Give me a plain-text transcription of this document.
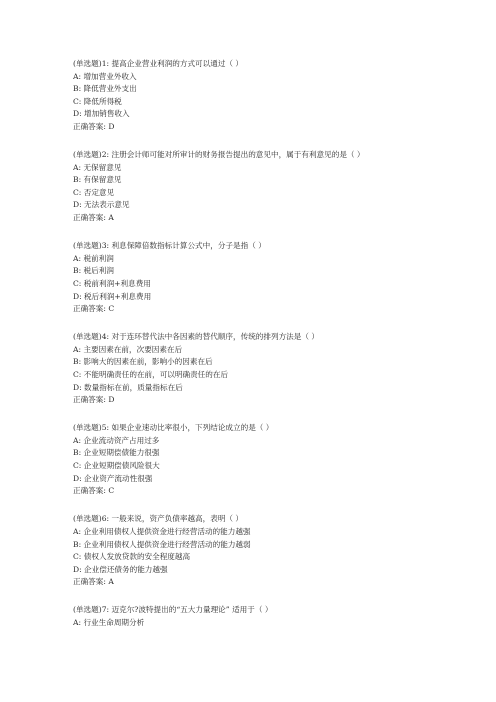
(单选题)1: 提高企业营业利润的方式可以通过（ ）
A: 增加营业外收入
B: 降低营业外支出
C: 降低所得税
D: 增加销售收入
正确答案: D
(单选题)2: 注册会计师可能对所审计的财务报告提出的意见中，属于有利意见的是（ ）
A: 无保留意见
B: 有保留意见
C: 否定意见
D: 无法表示意见
正确答案: A
(单选题)3: 利息保障倍数指标计算公式中，分子是指（ ）
A: 税前利润
B: 税后利润
C: 税前利润+利息费用
D: 税后利润+利息费用
正确答案: C
(单选题)4: 对于连环替代法中各因素的替代顺序，传统的排列方法是（ ）
A: 主要因素在前，次要因素在后
B: 影响大的因素在前，影响小的因素在后
C: 不能明确责任的在前，可以明确责任的在后
D: 数量指标在前，质量指标在后
正确答案: D
(单选题)5: 如果企业速动比率很小，下列结论成立的是（ ）
A: 企业流动资产占用过多
B: 企业短期偿债能力很强
C: 企业短期偿债风险很大
D: 企业资产流动性很强
正确答案: C
(单选题)6: 一般来说，资产负债率越高，表明（ ）
A: 企业利用债权人提供资金进行经营活动的能力越强
B: 企业利用债权人提供资金进行经营活动的能力越弱
C: 债权人发放贷款的安全程度越高
D: 企业偿还债务的能力越强
正确答案: A
(单选题)7: 迈克尔?波特提出的“五大力量理论” 适用于（ ）
A: 行业生命周期分析
